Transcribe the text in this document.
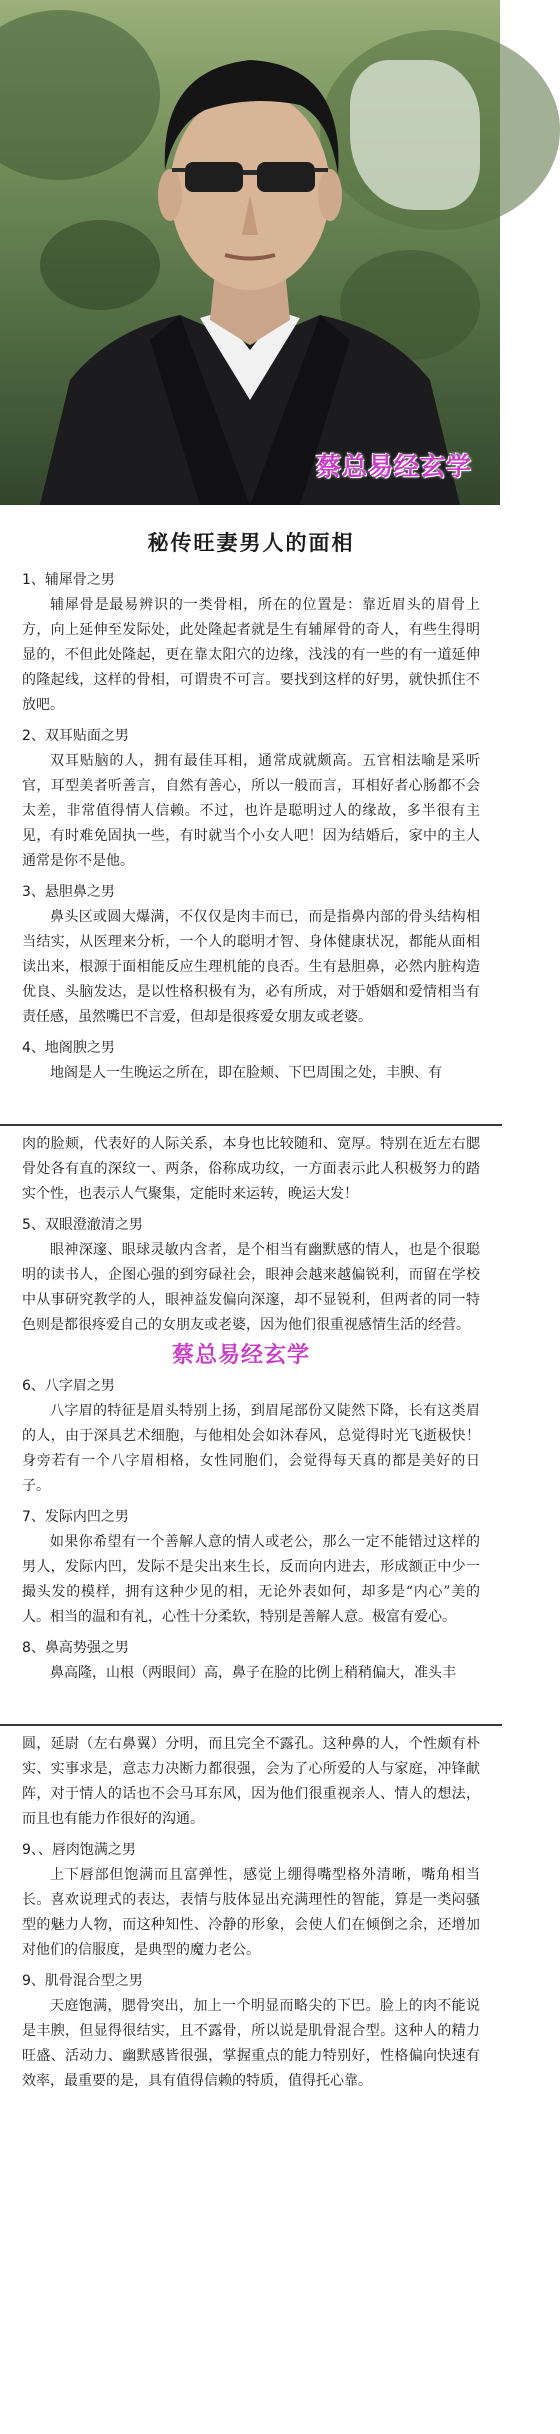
蔡总易经玄学
秘传旺妻男人的面相
1、辅犀骨之男

辅犀骨是最易辨识的一类骨相，所在的位置是：靠近眉头的眉骨上方，向上延伸至发际处，此处隆起者就是生有辅犀骨的奇人，有些生得明显的，不但此处隆起，更在靠太阳穴的边缘，浅浅的有一些的有一道延伸的隆起线，这样的骨相，可谓贵不可言。要找到这样的好男，就快抓住不放吧。

2、双耳贴面之男

双耳贴脑的人，拥有最佳耳相，通常成就颇高。五官相法喻是采听官，耳型美者听善言，自然有善心，所以一般而言，耳相好者心肠都不会太差，非常值得情人信赖。不过，也许是聪明过人的缘故，多半很有主见，有时难免固执一些，有时就当个小女人吧！因为结婚后，家中的主人通常是你不是他。

3、悬胆鼻之男

鼻头区或圆大爆满，不仅仅是肉丰而已，而是指鼻内部的骨头结构相当结实，从医理来分析，一个人的聪明才智、身体健康状况，都能从面相读出来，根源于面相能反应生理机能的良否。生有悬胆鼻，必然内脏构造优良、头脑发达，是以性格积极有为，必有所成，对于婚姻和爱情相当有责任感，虽然嘴巴不言爱，但却是很疼爱女朋友或老婆。

4、地阁腴之男

地阁是人一生晚运之所在，即在脸颊、下巴周围之处，丰腴、有

肉的脸颊，代表好的人际关系，本身也比较随和、宽厚。特别在近左右腮骨处各有直的深纹一、两条，俗称成功纹，一方面表示此人积极努力的踏实个性，也表示人气聚集，定能时来运转，晚运大发！

5、双眼澄澈清之男

眼神深邃、眼球灵敏内含者，是个相当有幽默感的情人，也是个很聪明的读书人，企图心强的到穷碌社会，眼神会越来越偏锐利，而留在学校中从事研究教学的人，眼神益发偏向深邃，却不显锐利，但两者的同一特色则是都很疼爱自己的女朋友或老婆，因为他们很重视感情生活的经营。

蔡总易经玄学
6、八字眉之男

八字眉的特征是眉头特别上扬，到眉尾部份又陡然下降，长有这类眉的人，由于深具艺术细胞，与他相处会如沐春风，总觉得时光飞逝极快！身旁若有一个八字眉相格，女性同胞们，会觉得每天真的都是美好的日子。

7、发际内凹之男

如果你希望有一个善解人意的情人或老公，那么一定不能错过这样的男人，发际内凹，发际不是尖出来生长，反而向内进去，形成额正中少一撮头发的模样，拥有这种少见的相，无论外表如何，却多是“内心”美的人。相当的温和有礼，心性十分柔软，特别是善解人意。极富有爱心。

8、鼻高势强之男

鼻高隆，山根（两眼间）高，鼻子在脸的比例上稍稍偏大，准头丰

圆，延尉（左右鼻翼）分明，而且完全不露孔。这种鼻的人，个性颇有朴实、实事求是，意志力决断力都很强，会为了心所爱的人与家庭，冲锋献阵，对于情人的话也不会马耳东风，因为他们很重视亲人、情人的想法，而且也有能力作很好的沟通。

9、、唇肉饱满之男

上下唇部但饱满而且富弹性，感觉上绷得嘴型格外清晰，嘴角相当长。喜欢说理式的表达，表情与肢体显出充满理性的智能，算是一类闷骚型的魅力人物，而这种知性、冷静的形象，会使人们在倾倒之余，还增加对他们的信服度，是典型的魔力老公。

9、肌骨混合型之男

天庭饱满，腮骨突出，加上一个明显而略尖的下巴。脸上的肉不能说是丰腴，但显得很结实，且不露骨，所以说是肌骨混合型。这种人的精力旺盛、活动力、幽默感皆很强，掌握重点的能力特别好，性格偏向快速有效率，最重要的是，具有值得信赖的特质，值得托心靠。
